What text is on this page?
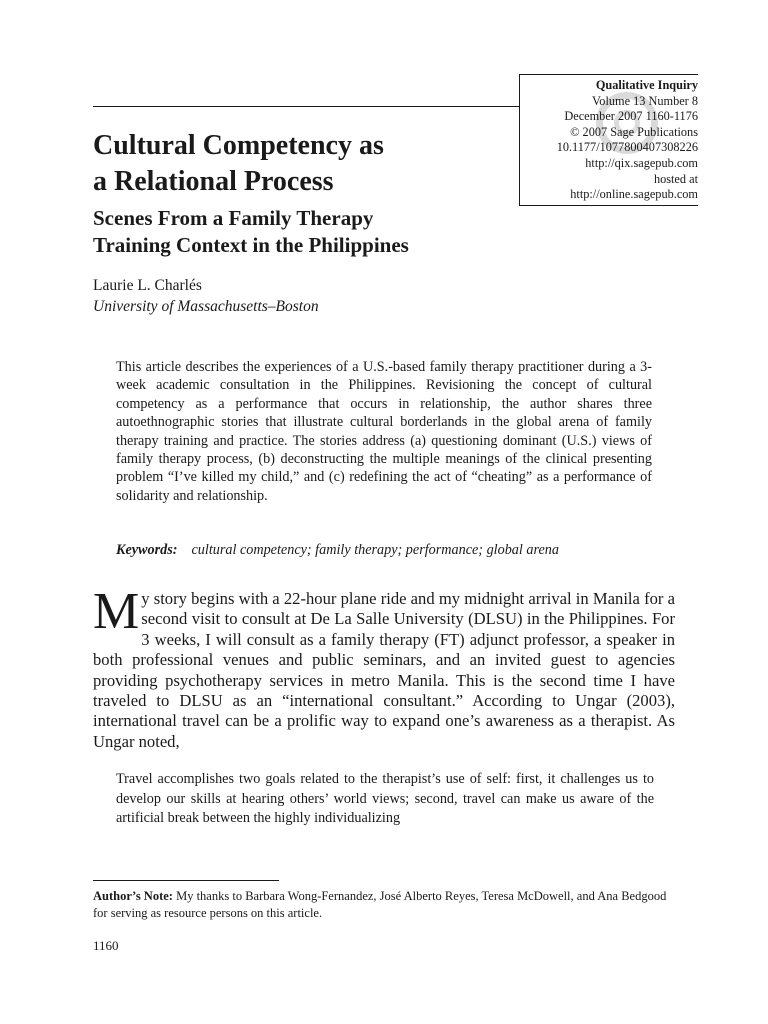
Qualitative Inquiry
Volume 13 Number 8
December 2007 1160-1176
© 2007 Sage Publications
10.1177/1077800407308226
http://qix.sagepub.com
hosted at
http://online.sagepub.com
Cultural Competency as
a Relational Process
Scenes From a Family Therapy
Training Context in the Philippines
Laurie L. Charlés
University of Massachusetts–Boston

This article describes the experiences of a U.S.-based family therapy practitioner during a 3-week academic consultation in the Philippines. Revisioning the concept of cultural competency as a performance that occurs in relationship, the author shares three autoethnographic stories that illustrate cultural borderlands in the global arena of family therapy training and practice. The stories address (a) questioning dominant (U.S.) views of family therapy process, (b) deconstructing the multiple meanings of the clinical presenting problem “I’ve killed my child,” and (c) redefining the act of “cheating” as a performance of solidarity and relationship.

Keywords: cultural competency; family therapy; performance; global arena

My story begins with a 22-hour plane ride and my midnight arrival in Manila for a second visit to consult at De La Salle University (DLSU) in the Philippines. For 3 weeks, I will consult as a family therapy (FT) adjunct professor, a speaker in both professional venues and public seminars, and an invited guest to agencies providing psychotherapy services in metro Manila. This is the second time I have traveled to DLSU as an “international consultant.” According to Ungar (2003), international travel can be a prolific way to expand one’s awareness as a therapist. As Ungar noted,

Travel accomplishes two goals related to the therapist’s use of self: first, it challenges us to develop our skills at hearing others’ world views; second, travel can make us aware of the artificial break between the highly individualizing

Author’s Note: My thanks to Barbara Wong-Fernandez, José Alberto Reyes, Teresa McDowell, and Ana Bedgood for serving as resource persons on this article.

1160
